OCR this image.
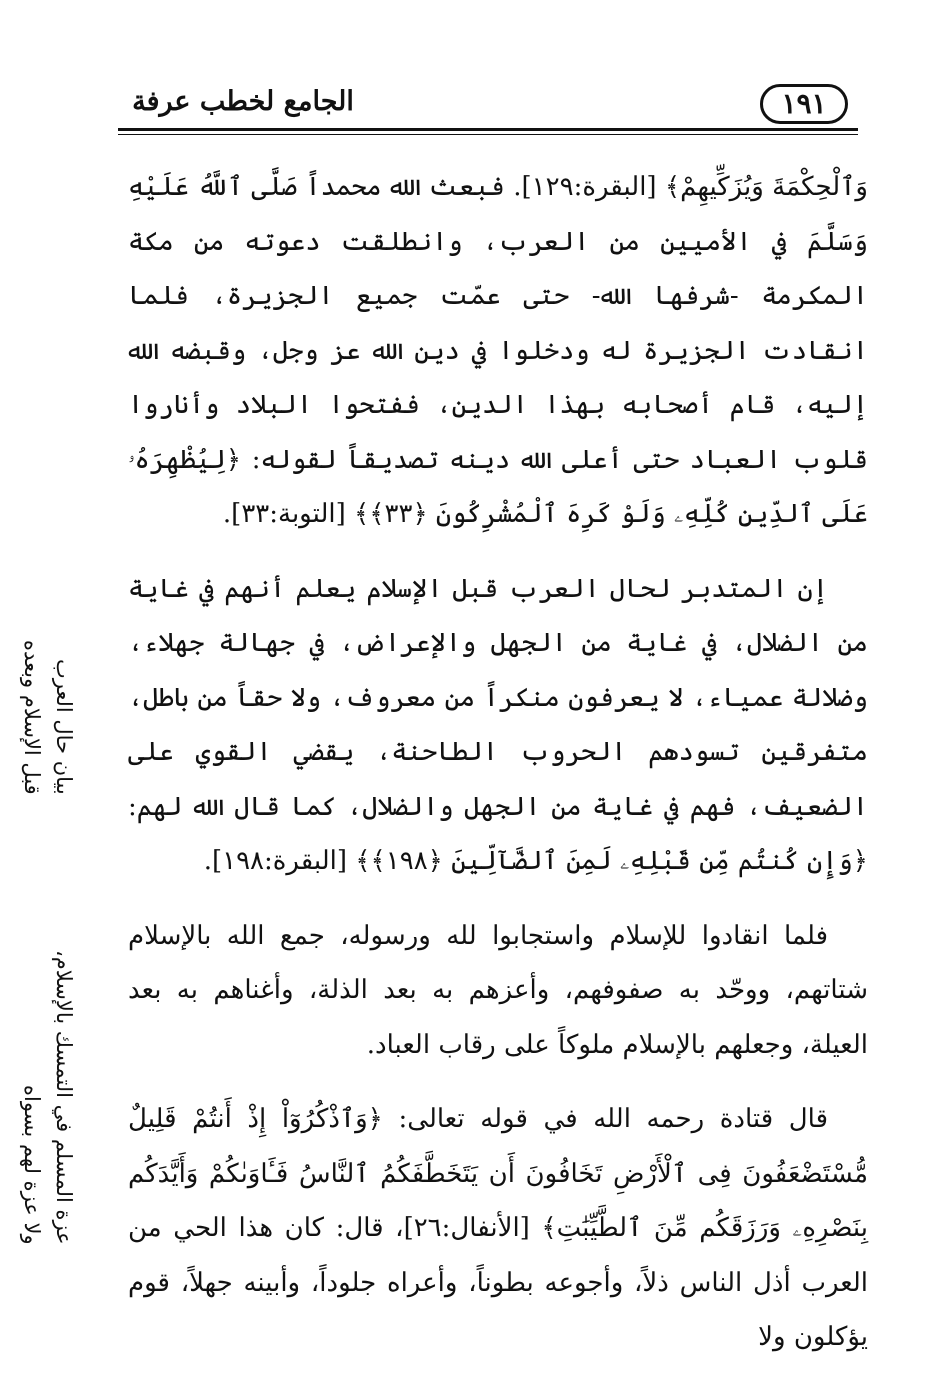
١٩١
الجامع لخطب عرفة

وَٱلْحِكْمَةَ وَيُزَكِّيهِمْ﴾ [البقرة:١٢٩]. فبعث الله محمداً صَلَّى ٱللَّهُ عَلَيْهِ وَسَلَّمَ في الأميين من العرب، وانطلقت دعوته من مكة المكرمة -شرفها الله- حتى عمّت جميع الجزيرة، فلما انقادت الجزيرة له ودخلوا في دين الله عز وجل، وقبضه الله إليه، قام أصحابه بهذا الدين، ففتحوا البلاد وأناروا قلوب العباد حتى أعلى الله دينه تصديقاً لقوله: ﴿لِيُظْهِرَهُۥ عَلَى ٱلدِّينِ كُلِّهِۦ وَلَوْ كَرِهَ ٱلْمُشْرِكُونَ ﴿٣٣﴾﴾ [التوبة:٣٣].

إن المتدبر لحال العرب قبل الإسلام يعلم أنهم في غاية من الضلال، في غاية من الجهل والإعراض، في جهالة جهلاء، وضلالة عمياء، لا يعرفون منكراً من معروف، ولا حقاً من باطل، متفرقين تسودهم الحروب الطاحنة، يقضي القوي على الضعيف، فهم في غاية من الجهل والضلال، كما قال الله لهم: ﴿وَإِن كُنتُم مِّن قَبْلِهِۦ لَمِنَ ٱلضَّآلِّينَ ﴿١٩٨﴾﴾ [البقرة:١٩٨].

فلما انقادوا للإسلام واستجابوا لله ورسوله، جمع الله بالإسلام شتاتهم، ووحّد به صفوفهم، وأعزهم به بعد الذلة، وأغناهم به بعد العيلة، وجعلهم بالإسلام ملوكاً على رقاب العباد.

قال قتادة رحمه الله في قوله تعالى: ﴿وَٱذْكُرُوٓاْ إِذْ أَنتُمْ قَلِيلٌ مُّسْتَضْعَفُونَ فِى ٱلْأَرْضِ تَخَافُونَ أَن يَتَخَطَّفَكُمُ ٱلنَّاسُ فَـَٔاوَىٰكُمْ وَأَيَّدَكُم بِنَصْرِهِۦ وَرَزَقَكُم مِّنَ ٱلطَّيِّبَٰتِ﴾ [الأنفال:٢٦]، قال: كان هذا الحي من العرب أذل الناس ذلاً، وأجوعه بطوناً، وأعراه جلوداً، وأبينه جهلاً، قوم يؤكلون ولا

بيان حال العرب
قبل الإسلام وبعده
عزة المسلم في التمسك بالإسلام،
ولا عزة لهم بسواه
